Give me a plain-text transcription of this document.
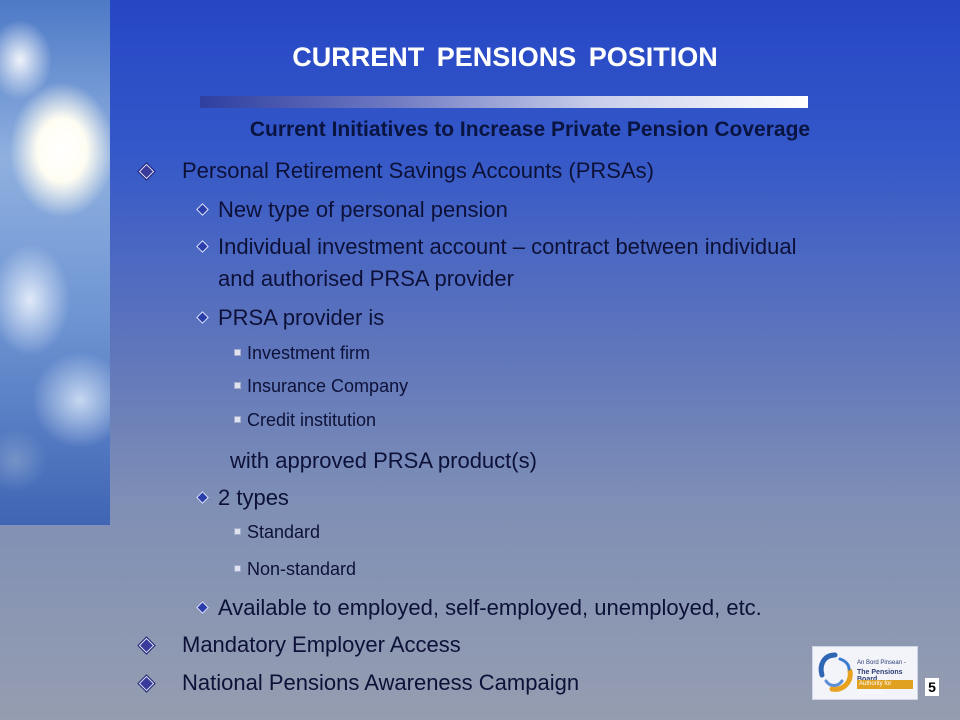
CURRENT PENSIONS POSITION
Current Initiatives to Increase Private Pension Coverage
Personal Retirement Savings Accounts (PRSAs)
New type of personal pension
Individual investment account – contract between individual
and authorised PRSA provider
PRSA provider is
Investment firm
Insurance Company
Credit institution
with approved PRSA product(s)
2 types
Standard
Non-standard
Available to employed, self-employed, unemployed, etc.
Mandatory Employer Access
National Pensions Awareness Campaign
An Bord Pinsean -
The Pensions
Authority for Pensions	5
